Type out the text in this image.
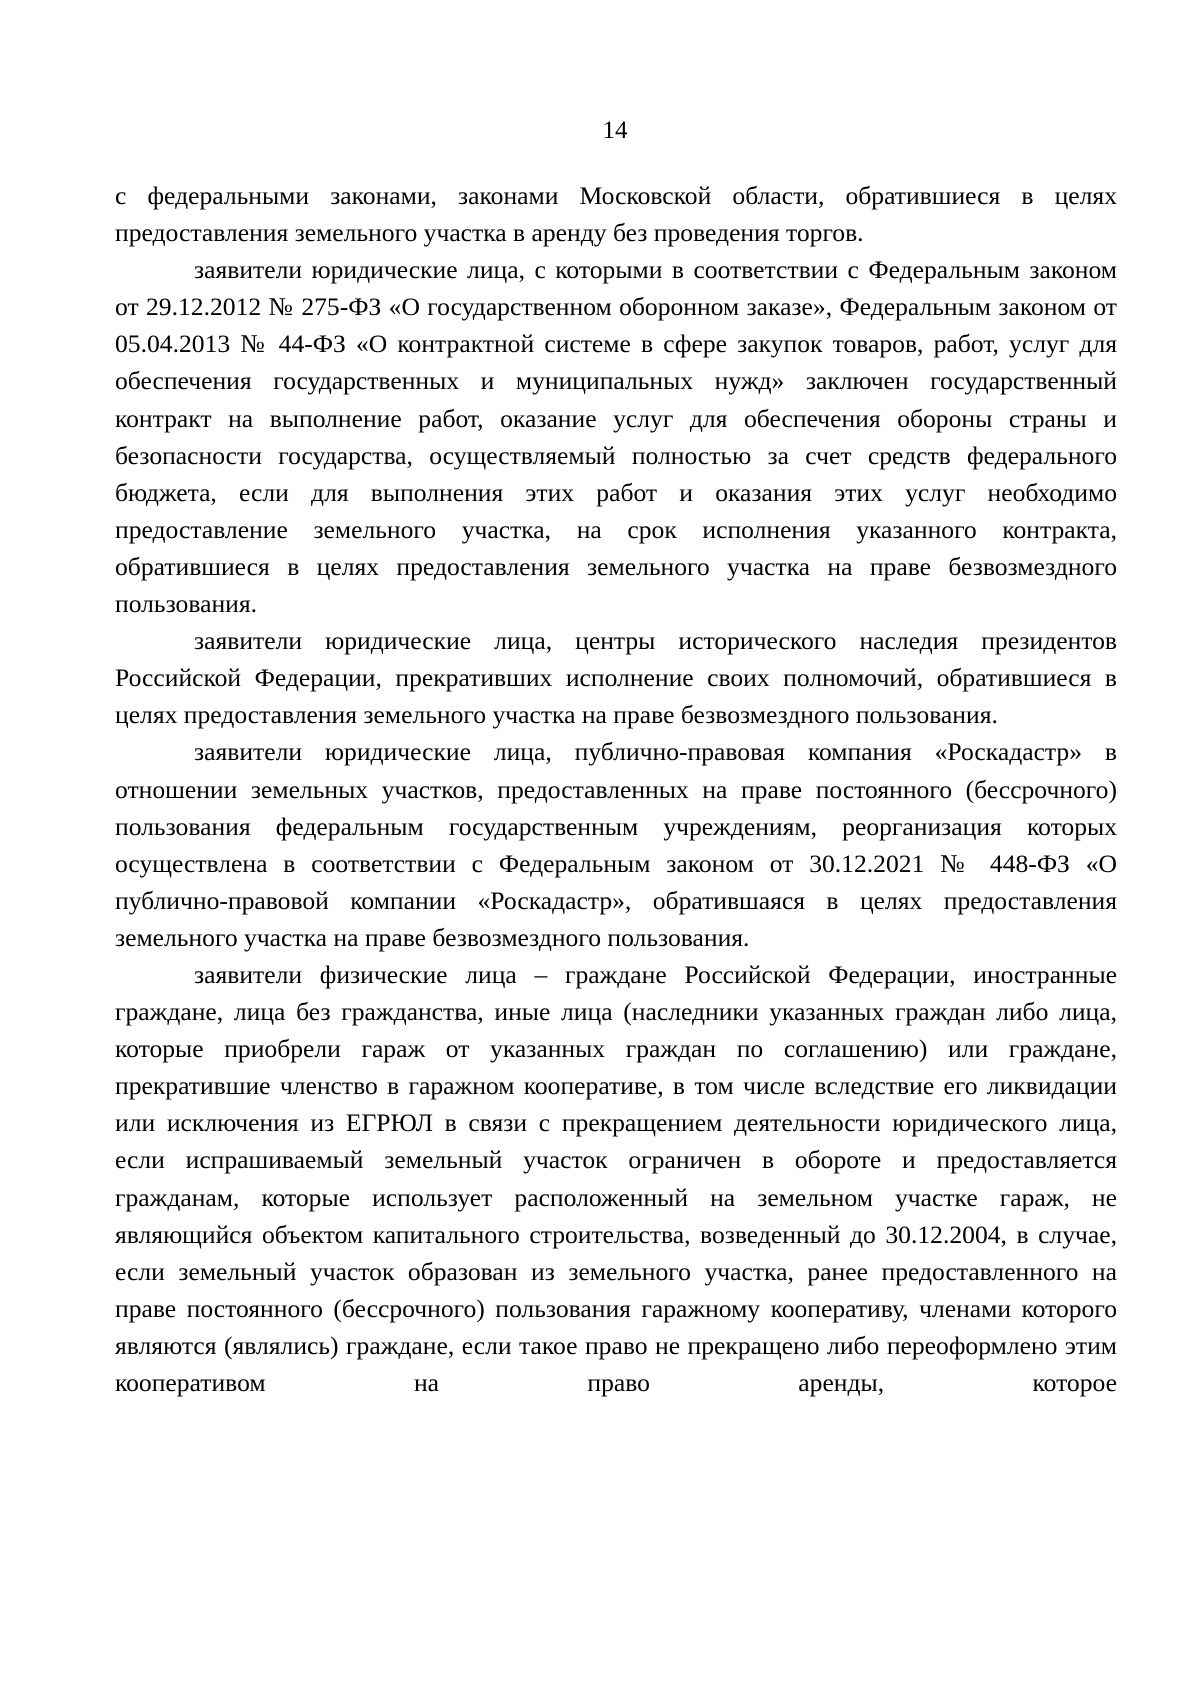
14

с федеральными законами, законами Московской области, обратившиеся в целях предоставления земельного участка в аренду без проведения торгов.

заявители юридические лица, с которыми в соответствии с Федеральным законом от 29.12.2012 № 275-ФЗ «О государственном оборонном заказе», Федеральным законом от 05.04.2013 № 44-ФЗ «О контрактной системе в сфере закупок товаров, работ, услуг для обеспечения государственных и муниципальных нужд» заключен государственный контракт на выполнение работ, оказание услуг для обеспечения обороны страны и безопасности государства, осуществляемый полностью за счет средств федерального бюджета, если для выполнения этих работ и оказания этих услуг необходимо предоставление земельного участка, на срок исполнения указанного контракта, обратившиеся в целях предоставления земельного участка на праве безвозмездного пользования.

заявители юридические лица, центры исторического наследия президентов Российской Федерации, прекративших исполнение своих полномочий, обратившиеся в целях предоставления земельного участка на праве безвозмездного пользования.

заявители юридические лица, публично-правовая компания «Роскадастр» в отношении земельных участков, предоставленных на праве постоянного (бессрочного) пользования федеральным государственным учреждениям, реорганизация которых осуществлена в соответствии с Федеральным законом от 30.12.2021 № 448-ФЗ «О публично-правовой компании «Роскадастр», обратившаяся в целях предоставления земельного участка на праве безвозмездного пользования.

заявители физические лица – граждане Российской Федерации, иностранные граждане, лица без гражданства, иные лица (наследники указанных граждан либо лица, которые приобрели гараж от указанных граждан по соглашению) или граждане, прекратившие членство в гаражном кооперативе, в том числе вследствие его ликвидации или исключения из ЕГРЮЛ в связи с прекращением деятельности юридического лица, если испрашиваемый земельный участок ограничен в обороте и предоставляется гражданам, которые использует расположенный на земельном участке гараж, не являющийся объектом капитального строительства, возведенный до 30.12.2004, в случае, если земельный участок образован из земельного участка, ранее предоставленного на праве постоянного (бессрочного) пользования гаражному кооперативу, членами которого являются (являлись) граждане, если такое право не прекращено либо переоформлено этим кооперативом на право аренды, которое
